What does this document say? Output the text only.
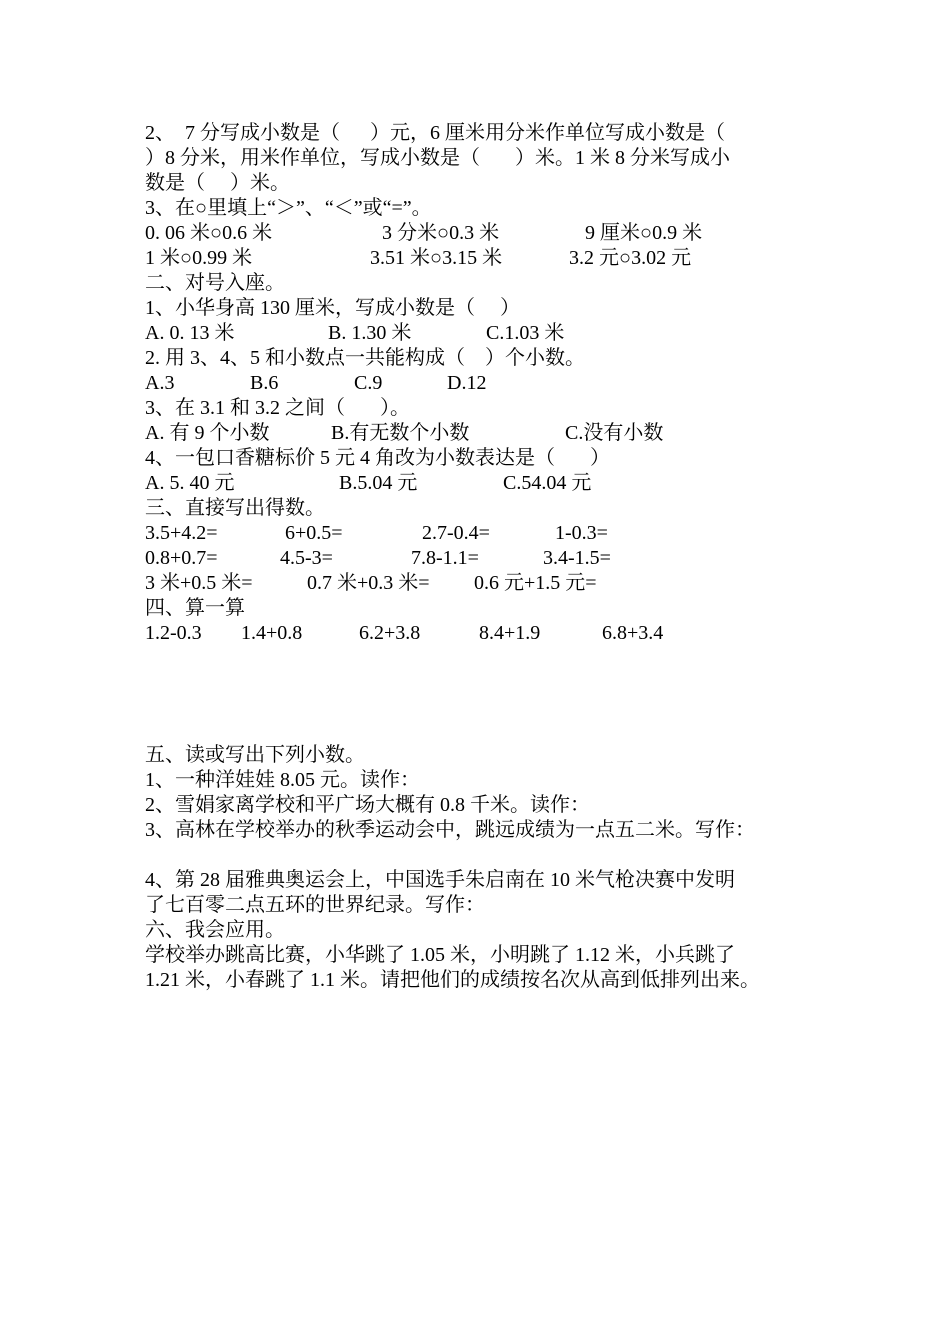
2、  7 分写成小数是（      ）元，6 厘米用分米作单位写成小数是（
）8 分米，用米作单位，写成小数是（       ）米。1 米 8 分米写成小
数是（     ）米。
3、在○里填上“＞”、“＜”或“=”。
0. 06 米○0.6 米	3 分米○0.3 米	9 厘米○0.9 米
1 米○0.99 米	3.51 米○3.15 米	3.2 元○3.02 元
二、对号入座。
1、小华身高 130 厘米，写成小数是（     ）
A. 0. 13 米	B. 1.30 米	C.1.03 米
2. 用 3、4、5 和小数点一共能构成（    ）个小数。
A.3	B.6	C.9	D.12
3、在 3.1 和 3.2 之间（       ）。
A. 有 9 个小数	B.有无数个小数	C.没有小数
4、一包口香糖标价 5 元 4 角改为小数表达是（       ）
A. 5. 40 元	B.5.04 元	C.54.04 元
三、直接写出得数。
3.5+4.2=	6+0.5=	2.7-0.4=	1-0.3=
0.8+0.7=	4.5-3=	7.8-1.1=	3.4-1.5=
3 米+0.5 米=	0.7 米+0.3 米=	0.6 元+1.5 元=
四、算一算
1.2-0.3	1.4+0.8	6.2+3.8	8.4+1.9	6.8+3.4
五、读或写出下列小数。
1、一种洋娃娃 8.05 元。读作：
2、雪娟家离学校和平广场大概有 0.8 千米。读作：
3、高林在学校举办的秋季运动会中，跳远成绩为一点五二米。写作：
4、第 28 届雅典奥运会上，中国选手朱启南在 10 米气枪决赛中发明
了七百零二点五环的世界纪录。写作：
六、我会应用。
学校举办跳高比赛，小华跳了 1.05 米，小明跳了 1.12 米，小兵跳了
1.21 米，小春跳了 1.1 米。请把他们的成绩按名次从高到低排列出来。
